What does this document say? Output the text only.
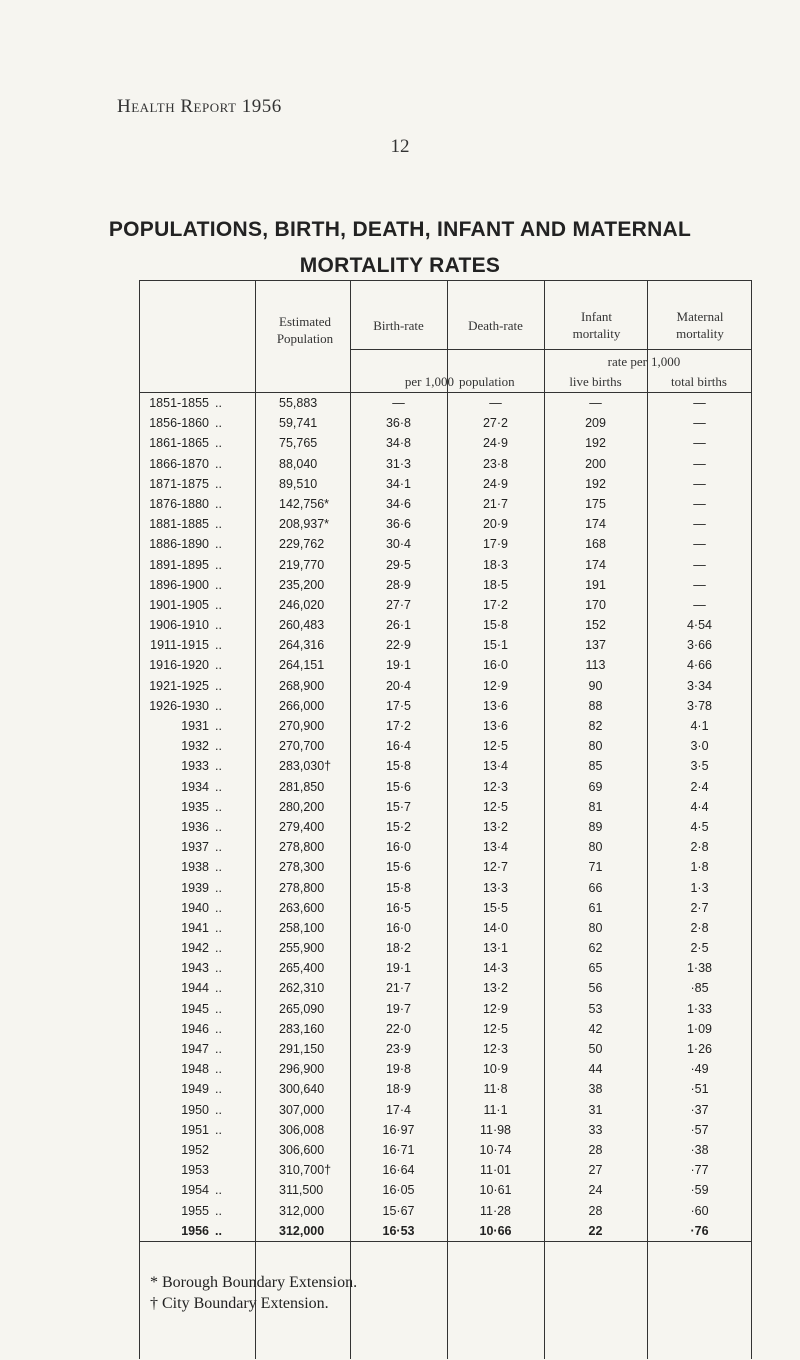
Health Report 1956
12
POPULATIONS, BIRTH, DEATH, INFANT AND MATERNAL
MORTALITY RATES
Estimated Population
Birth-rate	Death-rate
Infant mortality
Maternal mortality
per 1,000 population
rate per 1,000
live births	total births
1851-1855 ..	55,883	—	—	—	—
1856-1860 ..	59,741	36·8	27·2	209	—
1861-1865 ..	75,765	34·8	24·9	192	—
1866-1870 ..	88,040	31·3	23·8	200	—
1871-1875 ..	89,510	34·1	24·9	192	—
1876-1880 ..	142,756*	34·6	21·7	175	—
1881-1885 ..	208,937*	36·6	20·9	174	—
1886-1890 ..	229,762	30·4	17·9	168	—
1891-1895 ..	219,770	29·5	18·3	174	—
1896-1900 ..	235,200	28·9	18·5	191	—
1901-1905 ..	246,020	27·7	17·2	170	—
1906-1910 ..	260,483	26·1	15·8	152	4·54
1911-1915 ..	264,316	22·9	15·1	137	3·66
1916-1920 ..	264,151	19·1	16·0	113	4·66
1921-1925 ..	268,900	20·4	12·9	90	3·34
1926-1930 ..	266,000	17·5	13·6	88	3·78
1931 ..	270,900	17·2	13·6	82	4·1
1932 ..	270,700	16·4	12·5	80	3·0
1933 ..	283,030†	15·8	13·4	85	3·5
1934 ..	281,850	15·6	12·3	69	2·4
1935 ..	280,200	15·7	12·5	81	4·4
1936 ..	279,400	15·2	13·2	89	4·5
1937 ..	278,800	16·0	13·4	80	2·8
1938 ..	278,300	15·6	12·7	71	1·8
1939 ..	278,800	15·8	13·3	66	1·3
1940 ..	263,600	16·5	15·5	61	2·7
1941 ..	258,100	16·0	14·0	80	2·8
1942 ..	255,900	18·2	13·1	62	2·5
1943 ..	265,400	19·1	14·3	65	1·38
1944 ..	262,310	21·7	13·2	56	·85
1945 ..	265,090	19·7	12·9	53	1·33
1946 ..	283,160	22·0	12·5	42	1·09
1947 ..	291,150	23·9	12·3	50	1·26
1948 ..	296,900	19·8	10·9	44	·49
1949 ..	300,640	18·9	11·8	38	·51
1950 ..	307,000	17·4	11·1	31	·37
1951 ..	306,008	16·97	11·98	33	·57
1952	306,600	16·71	10·74	28	·38
1953	310,700†	16·64	11·01	27	·77
1954 ..	311,500	16·05	10·61	24	·59
1955 ..	312,000	15·67	11·28	28	·60
1956 ..	312,000	16·53	10·66	22	·76
* Borough Boundary Extension.
† City Boundary Extension.
